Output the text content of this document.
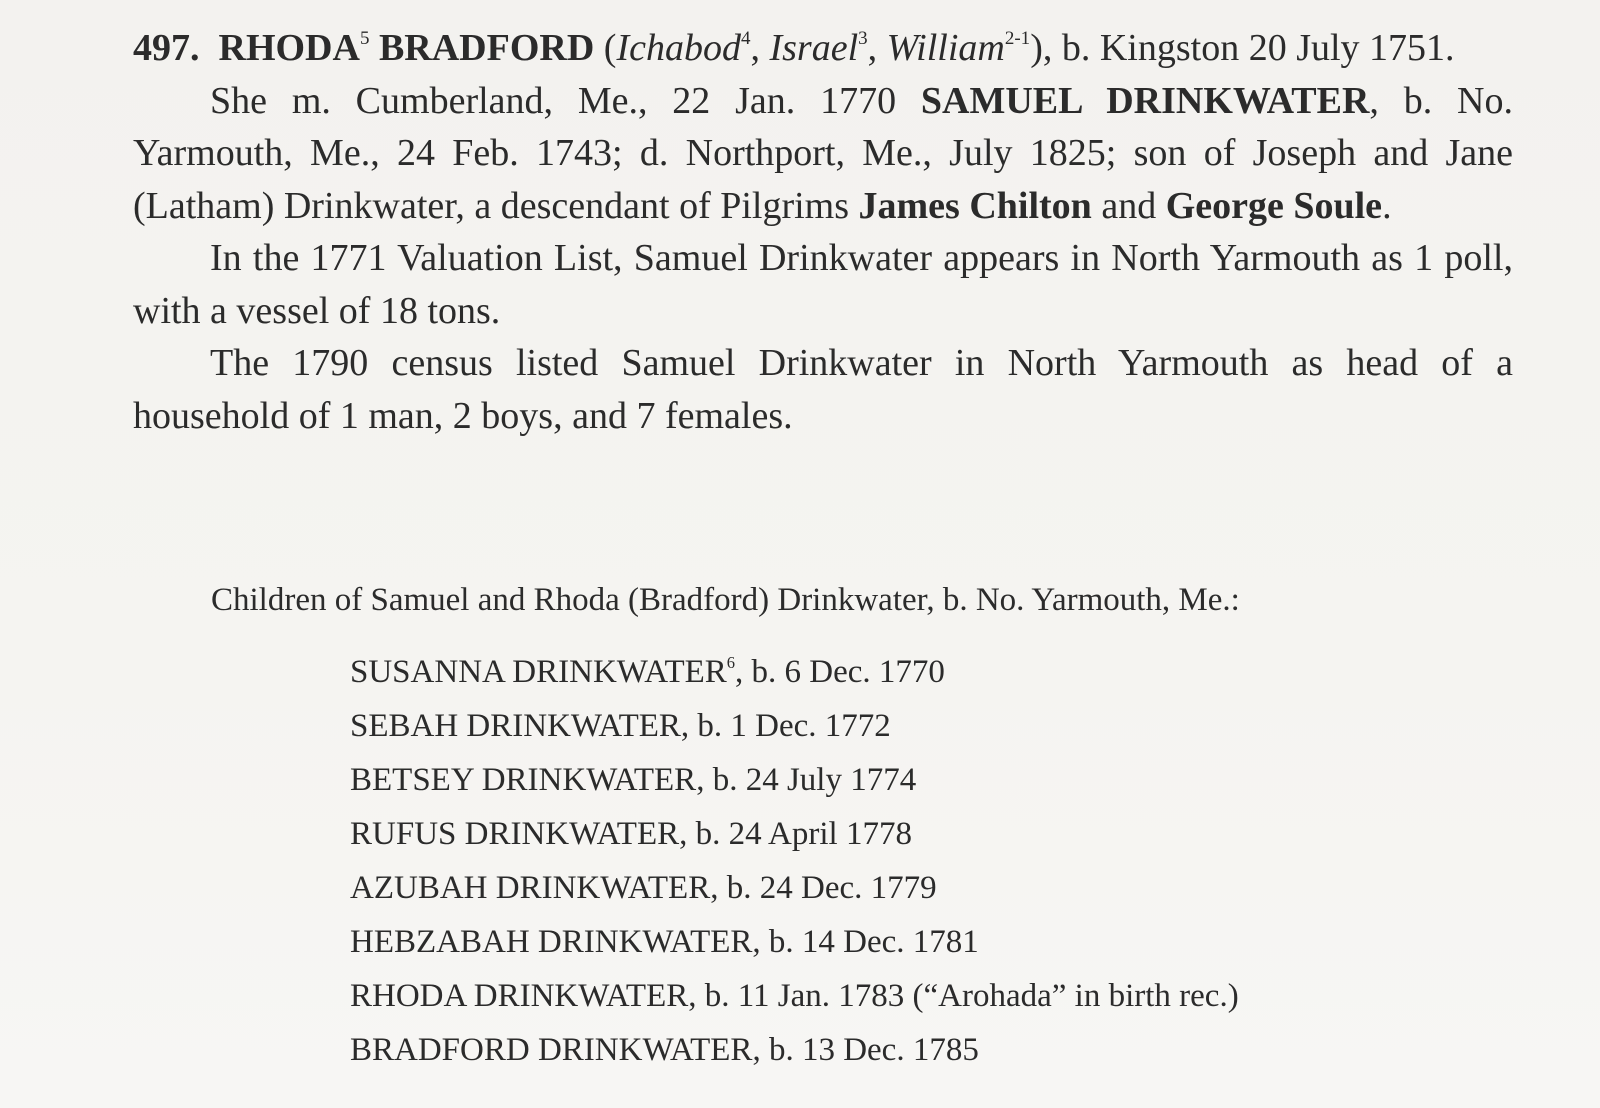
497. RHODA$^5$ BRADFORD (Ichabod$^4$, Israel$^3$, William$^{2-1}$), b. Kingston 20 July 1751.

She m. Cumberland, Me., 22 Jan. 1770 SAMUEL DRINKWATER, b. No. Yarmouth, Me., 24 Feb. 1743; d. Northport, Me., July 1825; son of Joseph and Jane (Latham) Drinkwater, a descendant of Pilgrims James Chilton and George Soule.

In the 1771 Valuation List, Samuel Drinkwater appears in North Yarmouth as 1 poll, with a vessel of 18 tons.

The 1790 census listed Samuel Drinkwater in North Yarmouth as head of a household of 1 man, 2 boys, and 7 females.

Children of Samuel and Rhoda (Bradford) Drinkwater, b. No. Yarmouth, Me.:
SUSANNA DRINKWATER$^6$, b. 6 Dec. 1770
SEBAH DRINKWATER, b. 1 Dec. 1772
BETSEY DRINKWATER, b. 24 July 1774
RUFUS DRINKWATER, b. 24 April 1778
AZUBAH DRINKWATER, b. 24 Dec. 1779
HEBZABAH DRINKWATER, b. 14 Dec. 1781
RHODA DRINKWATER, b. 11 Jan. 1783 (“Arohada” in birth rec.)
BRADFORD DRINKWATER, b. 13 Dec. 1785
